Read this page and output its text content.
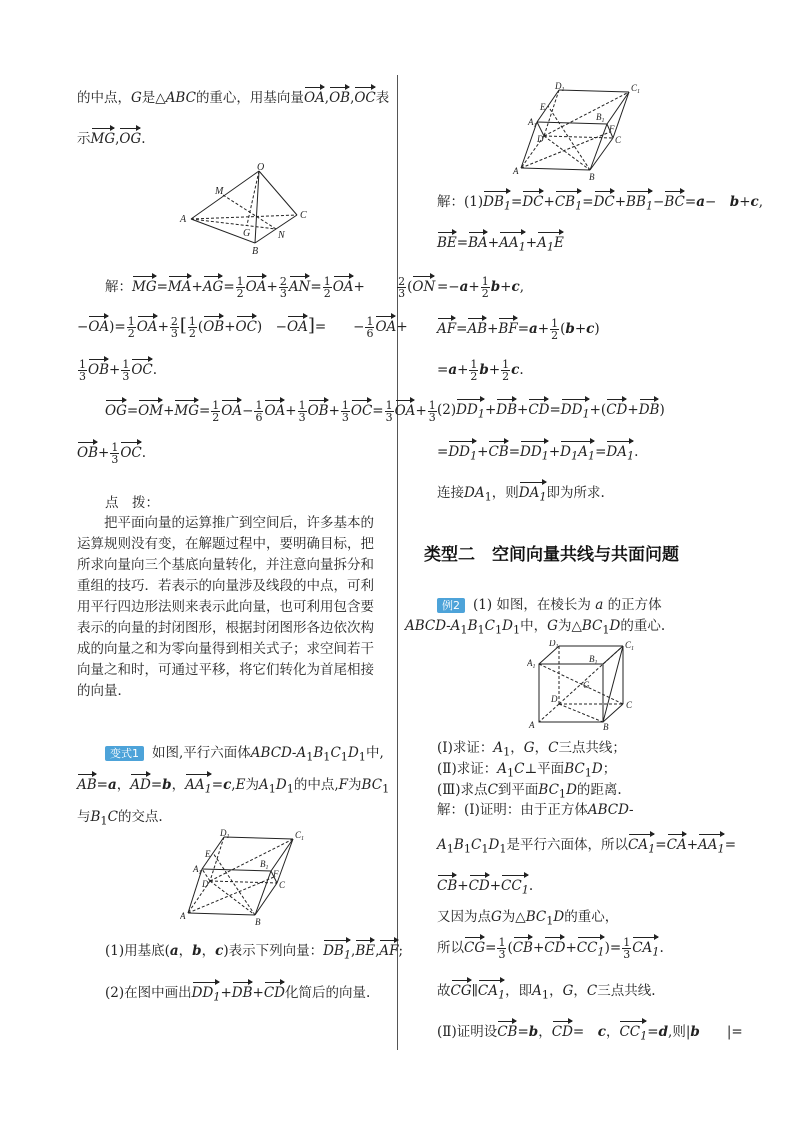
的中点，G是△ABC的重心，用基向量OA,OB,OC表
示MG,OG.
O
M
A
G	N
C
B
解：$MG=MA+AG= \frac{1}{2} OA+ \frac{2}{3} AN= \frac{1}{2} OA+$　　 $\frac{2}{3} (ON$
$-OA)= \frac{1}{2} OA+ \frac{2}{3}$ [ $\frac{1}{2} (OB+OC)$　−OA]=　　− $\frac{1}{6} OA+$
$\frac{1}{3} OB+ \frac{1}{3}$ OC.
$OG=OM+MG= \frac{1}{2} OA- \frac{1}{6} OA+ \frac{1}{3} OB+ \frac{1}{3} OC= \frac{1}{3} OA+ \frac{1}{3}$
$OB+ \frac{1}{3}$ OC.
点　拨：
把平面向量的运算推广到空间后，许多基本的运算规则没有变，在解题过程中，要明确目标，把所求向量向三个基底向量转化，并注意向量拆分和重组的技巧．若表示的向量涉及线段的中点，可利用平行四边形法则来表示此向量，也可利用包含要表示的向量的封闭图形，根据封闭图形各边依次构成的向量之和为零向量得到相关式子；求空间若干向量之和时，可通过平移，将它们转化为首尾相接的向量．
变式1 如图,平行六面体ABCD-$A_1B_1C_1D_1$中,
AB=a，AD=b，$AA_1=c,E$为$A_1D_1$的中点,F为$BC_1$
与$B_1C$的交点.
$D_1$	$C_1$
E
$A_1$
$B_1$
D
F
C
A
B
(1)用基底(a，b，c)表示下列向量：$DB_1,BE,AF$;
(2)在图中画出$DD_1+DB+CD$化简后的向量.
$D_1$	$C_1$
E
$A_1$
$B_1$
D
F
C
A
B
解：$(1)DB_1=DC+CB_1=DC+BB_1-BC=a-$　b+c,
$BE=BA+AA_1+A_1E$
$=-a+ \frac{1}{2} b+c$,
$AF=AB+BF=a+ \frac{1}{2} (b+c)$
$=a+ \frac{1}{2} b+ \frac{1}{2} c$.
$(2)DD_1+DB+CD=DD_1+(CD+DB)$
$=DD_1+CB=DD_1+D_1A_1=DA_1$.
连接$DA_1$，则$DA_1$即为所求.
类型二　空间向量共线与共面问题
例2 (1) 如图，在棱长为 a 的正方体
ABCD-$A_1B_1C_1D_1$中，G为$\triangle BC_1D$的重心.
$D_1$	$C_1$
$A_1$
$B_1$
G
D
C
A	B
(Ⅰ)求证：$A_1$，G，C三点共线；
(Ⅱ)求证：$A_1C\perp$平面$BC_1D$；
(Ⅲ)求点C到平面$BC_1D$的距离.
解：(Ⅰ)证明：由于正方体ABCD-
$A_1B_1C_1D_1$是平行六面体，所以$CA_1=CA+AA_1=$
$CB+CD+CC_1$.
又因为点G为$\triangle BC_1D$的重心，
所以$CG= \frac{1}{3} (CB+CD+CC_1)= \frac{1}{3} CA_1$.
故$CG\parallel CA_1$，即$A_1$，G，C三点共线.
(Ⅱ)证明设CB=b，CD=　c，$CC_1=d$,则|b　　|=
